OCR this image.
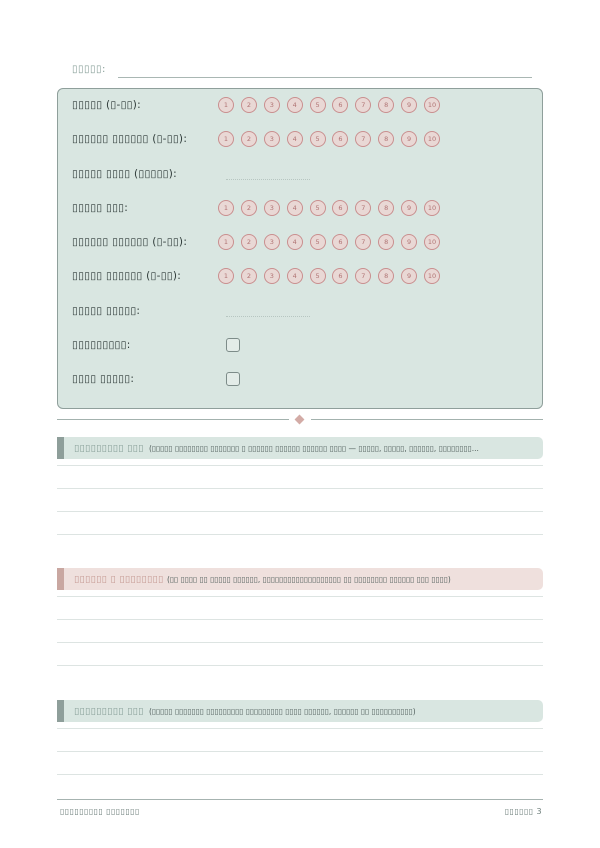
▯▯▯▯▯:
▯▯▯▯▯ (▯-▯▯):	1	2	3	4	5	6	7	8	9	10
▯▯▯▯▯▯ ▯▯▯▯▯▯ (▯-▯▯):	1	2	3	4	5	6	7	8	9	10
▯▯▯▯▯ ▯▯▯▯ (▯▯▯▯▯):
▯▯▯▯▯ ▯▯▯:	1	2	3	4	5	6	7	8	9	10
▯▯▯▯▯▯ ▯▯▯▯▯▯ (▯-▯▯):	1	2	3	4	5	6	7	8	9	10
▯▯▯▯▯ ▯▯▯▯▯▯ (▯-▯▯):	1	2	3	4	5	6	7	8	9	10
▯▯▯▯▯ ▯▯▯▯▯:
▯▯▯▯▯▯▯▯▯:
▯▯▯▯ ▯▯▯▯▯:
▯▯▯▯▯▯▯▯▯ ▯▯▯ (▯▯▯▯▯ ▯▯▯▯▯▯▯▯ ▯▯▯▯▯▯▯ ▯ ▯▯▯▯▯▯ ▯▯▯▯▯▯ ▯▯▯▯▯▯ ▯▯▯▯ — ▯▯▯▯▯, ▯▯▯▯▯, ▯▯▯▯▯▯, ▯▯▯▯▯▯▯▯...
▯▯▯▯▯▯ ▯ ▯▯▯▯▯▯▯▯ (▯▯ ▯▯▯▯ ▯▯ ▯▯▯▯▯ ▯▯▯▯▯▯, ▯▯▯▯▯▯▯▯▯▯▯▯▯▯▯▯▯▯▯ ▯▯ ▯▯▯▯▯▯▯▯ ▯▯▯▯▯▯ ▯▯▯ ▯▯▯▯)
▯▯▯▯▯▯▯▯▯ ▯▯▯ (▯▯▯▯▯ ▯▯▯▯▯▯▯ ▯▯▯▯▯▯▯▯▯ ▯▯▯▯▯▯▯▯▯ ▯▯▯▯ ▯▯▯▯▯▯, ▯▯▯▯▯▯ ▯▯ ▯▯▯▯▯▯▯▯▯▯)
▯▯▯▯▯▯▯▯▯ ▯▯▯▯▯▯▯	▯▯▯▯▯▯ 3
